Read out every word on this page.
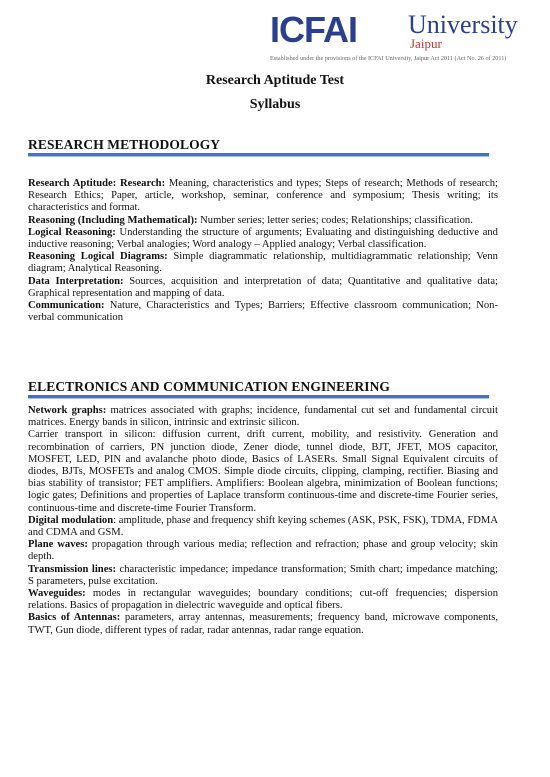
ICFAI University
Jaipur
Established under the provisions of the ICFAI University, Jaipur Act 2011 (Act No. 26 of 2011)
Research Aptitude Test
Syllabus
RESEARCH METHODOLOGY

Research Aptitude: Research: Meaning, characteristics and types; Steps of research; Methods of research; Research Ethics; Paper, article, workshop, seminar, conference and symposium; Thesis writing; its characteristics and format.

Reasoning (Including Mathematical): Number series; letter series; codes; Relationships; classification.

Logical Reasoning: Understanding the structure of arguments; Evaluating and distinguishing deductive and inductive reasoning; Verbal analogies; Word analogy – Applied analogy; Verbal classification.

Reasoning Logical Diagrams: Simple diagrammatic relationship, multidiagrammatic relationship; Venn diagram; Analytical Reasoning.

Data Interpretation: Sources, acquisition and interpretation of data; Quantitative and qualitative data; Graphical representation and mapping of data.

Communication: Nature, Characteristics and Types; Barriers; Effective classroom communication; Non-verbal communication

ELECTRONICS AND COMMUNICATION ENGINEERING

Network graphs: matrices associated with graphs; incidence, fundamental cut set and fundamental circuit matrices. Energy bands in silicon, intrinsic and extrinsic silicon.

Carrier transport in silicon: diffusion current, drift current, mobility, and resistivity. Generation and recombination of carriers, PN junction diode, Zener diode, tunnel diode, BJT, JFET, MOS capacitor, MOSFET, LED, PIN and avalanche photo diode, Basics of LASERs. Small Signal Equivalent circuits of diodes, BJTs, MOSFETs and analog CMOS. Simple diode circuits, clipping, clamping, rectifier. Biasing and bias stability of transistor; FET amplifiers. Amplifiers: Boolean algebra, minimization of Boolean functions; logic gates; Definitions and properties of Laplace transform continuous-time and discrete-time Fourier series, continuous-time and discrete-time Fourier Transform.

Digital modulation: amplitude, phase and frequency shift keying schemes (ASK, PSK, FSK), TDMA, FDMA and CDMA and GSM.

Plane waves: propagation through various media; reflection and refraction; phase and group velocity; skin depth.

Transmission lines: characteristic impedance; impedance transformation; Smith chart; impedance matching; S parameters, pulse excitation.

Waveguides: modes in rectangular waveguides; boundary conditions; cut-off frequencies; dispersion relations. Basics of propagation in dielectric waveguide and optical fibers.

Basics of Antennas: parameters, array antennas, measurements; frequency band, microwave components, TWT, Gun diode, different types of radar, radar antennas, radar range equation.
